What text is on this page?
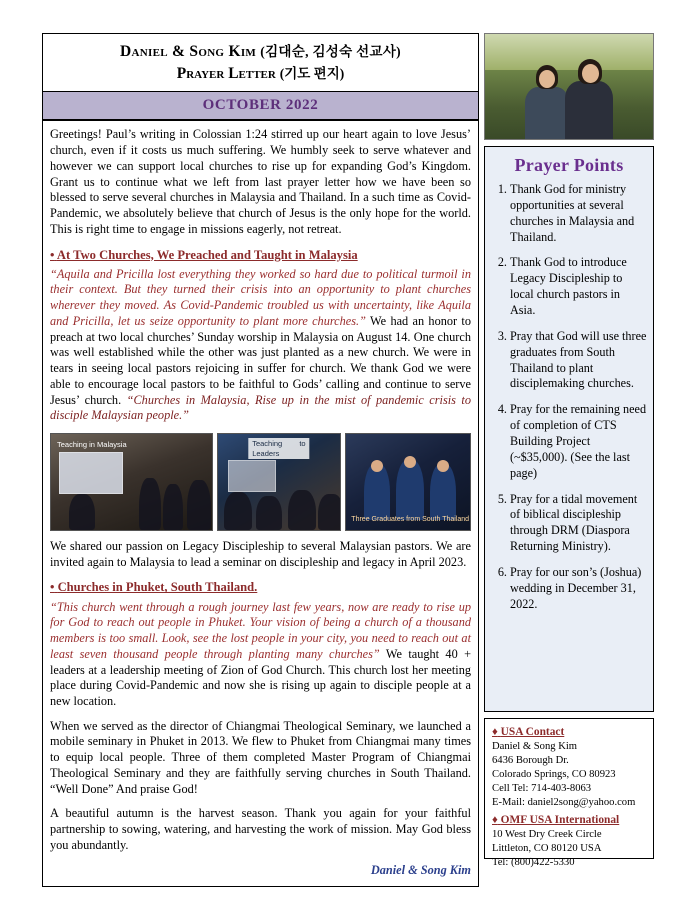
Daniel & Song Kim (김대순, 김성숙 선교사)
Prayer Letter (기도 편지)
OCTOBER 2022

Greetings! Paul’s writing in Colossian 1:24 stirred up our heart again to love Jesus’ church, even if it costs us much suffering. We humbly seek to serve whatever and however we can support local churches to rise up for expanding God’s Kingdom. Grant us to continue what we left from last prayer letter how we have been so blessed to serve several churches in Malaysia and Thailand. In a such time as Covid-Pandemic, we absolutely believe that church of Jesus is the only hope for the world. This is right time to engage in missions eagerly, not retreat.

• At Two Churches, We Preached and Taught in Malaysia

“Aquila and Pricilla lost everything they worked so hard due to political turmoil in their context. But they turned their crisis into an opportunity to plant churches wherever they moved. As Covid-Pandemic troubled us with uncertainty, like Aquila and Pricilla, let us seize opportunity to plant more churches.” We had an honor to preach at two local churches’ Sunday worship in Malaysia on August 14. One church was well established while the other was just planted as a new church. We were in tears in seeing local pastors rejoicing in suffer for church. We thank God we were able to encourage local pastors to be faithful to Gods’ calling and continue to serve Jesus’ church. “Churches in Malaysia, Rise up in the mist of pandemic crisis to disciple Malaysian people.”

Teaching in Malaysia	Teaching to Leaders
Three Graduates from South Thailand

We shared our passion on Legacy Discipleship to several Malaysian pastors. We are invited again to Malaysia to lead a seminar on discipleship and legacy in April 2023.

• Churches in Phuket, South Thailand.

“This church went through a rough journey last few years, now are ready to rise up for God to reach out people in Phuket. Your vision of being a church of a thousand members is too small. Look, see the lost people in your city, you need to reach out at least seven thousand people through planting many churches” We taught 40 + leaders at a leadership meeting of Zion of God Church. This church lost her meeting place during Covid-Pandemic and now she is rising up again to disciple people at a new location.

When we served as the director of Chiangmai Theological Seminary, we launched a mobile seminary in Phuket in 2013. We flew to Phuket from Chiangmai many times to equip local people. Three of them completed Master Program of Chiangmai Theological Seminary and they are faithfully serving churches in South Thailand. “Well Done” And praise God!

A beautiful autumn is the harvest season. Thank you again for your faithful partnership to sowing, watering, and harvesting the work of mission. May God bless you abundantly.

Daniel & Song Kim
Prayer Points
1. Thank God for ministry opportunities at several churches in Malaysia and Thailand.
2. Thank God to introduce Legacy Discipleship to local church pastors in Asia.
3. Pray that God will use three graduates from South Thailand to plant disciplemaking churches.
4. Pray for the remaining need of completion of CTS Building Project (~$35,000). (See the last page)
5. Pray for a tidal movement of biblical discipleship through DRM (Diaspora Returning Ministry).
6. Pray for our son’s (Joshua) wedding in December 31, 2022.
♦ USA Contact
Daniel & Song Kim
6436 Borough Dr.
Colorado Springs, CO 80923
Cell Tel: 714-403-8063
E-Mail: daniel2song@yahoo.com
♦ OMF USA International
10 West Dry Creek Circle
Littleton, CO 80120 USA
Tel: (800)422-5330
